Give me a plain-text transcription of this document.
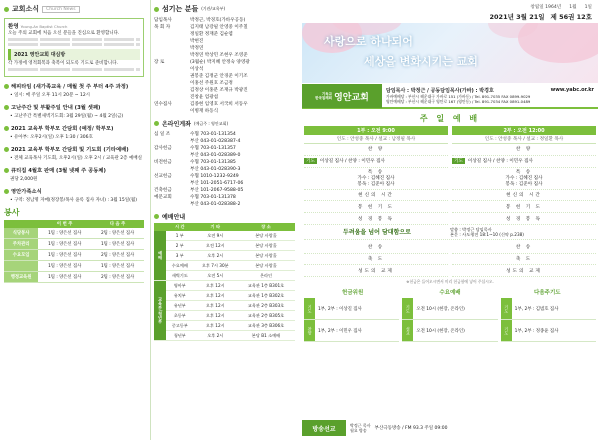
교회소식	Church News
환영 Young-An Baptist Church
오늘 주의 교회에 처음 오신 분들을 진심으로 환영합니다.
2021 영안교회 대심방
각 가정에 영적회복과 축복이 되도록 기도로 준비합니다.
해피타임 (새가족교육 / 매월 첫 주 부터 4주 과정)
• 일시: 매 주일 오후 11시 20분 ~ 12시
고난주간 및 부활주일 안내 (3월 셋째)
• 고난주간 특별새벽기도회: 3월 29일(월) ~ 4월 2일(금)
2021 교육부 학부모 간담회 (예정/ 학부모)
• 유아부: 오후2시(일) 오후 1:30 / 306호
2021 교육부 학부모 간담회 및 기도회 (기타예배)
• 전체 교육목사 기도회, 오후2시(일) 오후 2시 / 교육관 2층 예배실
큐티집 4월호 판매 (3월 넷째 주 공동체)
권당 2,000원
영안가족소식
• 구역: 정남명 자매(정장봉/목사 윤록 집사 자녀) : 3월 15일(월)
봉사
	이 번 주	다 음 주
식당봉사	1팀 : 양은선 집사	2팀 : 양은선 집사
주차관리	1팀 : 양은선 집사	1팀 : 양은선 집사
수요모임	1팀 : 양은선 집사	2팀 : 양은선 집사
	1팀 : 양은선 집사	1팀 : 양은선 집사
행정교육원	1팀 : 양은선 집사	2팀 : 양은선 집사
섬기는 분들 (기관/교육부)
담임목사	박정근, 박경호(가바우공동)
목 회 자	김지태 남강필 안영중 이주칠
정일환 정재준 김순엽
박현진
박정연
박정연 박상민 조현우 조영준
장 로	(3월순) 박지혜 안정숙 양영광
이상석
권봉준 김정군 안경준 이기조
이홍선 주원호 조금정
김정상 이홍분 조재규 박광진
진창윤 엄광섭
연수집사	김종현 임영호 서국희 서동우
이병재 하동식
온라인게좌 (예금주 : 영안교회)
십 일 조	수협 703-01-131354
부산 043-01-028387-4
감사헌금	수협 703-01-131357
부산 043-01-028389-0
비전헌금	수협 703-01-131385
부산 043-01-028390-3
선교헌금	수협 1010-1232-9249
부산 101-2051-6717-06
건축헌금	부산 101-2067-9588-05
예문교회	수협 703-01-131378
부산 043-01-028388-2
예배안내
	시 간	기 타	장 소
예배	1 부	오전 9시	본당 사랑홀
	2 부	오전 12시	본당 사랑홀
	3 부	오후 2시	본당 사랑홀
	수요예배	오후 7시 30분	본당 사랑홀
	새벽기도	오전 5시	온라인
교육부/청년부	영아부	오후 12시	교육관 1층 B301호
	유치부	오후 12시	교육관 1층 B302호
	유년부	오후 12시	교육관 2층 B303호
	초등부	오후 12시	교육관 2층 B305호
	중고등부	오후 12시	교육관 3층 B306호
	청년부	오후 2시	본당 B1 소예배
창립일 1964년 1월 1일
2021년 3월 21일 제 56권 12호
사랑으로 하나되어
세상을 변화시키는 교회
기독교
한국침례회 영안교회
담임목사 : 박정근 / 공동담임목사(가바) : 박경호
가바예배당 : 부산시 해운대구 가바로 151 (가바동) / Tel. 891-7035 FAX 0899-9029
영안예배당 : 부산시 해운대구 영안로 167 (영안동) / Tel. 891-7034 FAX 0891-0489
www.yabc.or.kr
주 일 예 배
1부 : 오전 9:00
인도 : 안성중 목사 / 설교 : 남정필 목사
찬 양
기도	이상길 집사 / 찬양 : 이민우 집사
특 송
가수 : 김혜진 집사
봉독 : 김준아 집사
현신의 시간
봉 헌 기 도
성 경 봉 독
2부 : 오전 12:00
인도 : 안성중 목사 / 설교 : 정일환 목사
찬 양
기도	이상길 집사 / 찬양 : 이민우 집사
특 송
가수 : 김혜진 집사
봉독 : 김준아 집사
현신의 시간
봉 헌 기 도
성 경 봉 독
두려움을 넘어 담대함으로	말씀 : 박정근 담임목사
본문 : 사도행전 18:1~10 (신약 p.238)
찬 송
축 도
성도의 교제
찬 송
축 도
성도의 교제
※헌금은 들어오시면서 미리 헌금함에 넣어 주십시오.
헌금위원	수요예배	다음주기도
기도	1부, 2부 : 이상길 집사
찬양	1부, 2부 : 이민우 집사
기도	오전 10시 (현장, 온라인)
설교	오전 10시 (현장, 온라인)
기도	1부, 2부 : 김범호 집사
기도	1부, 2부 : 정종윤 집사
방송선교	박정근 목사
월요 방송	부산극동방송 / FM 93.3 주일 09:00
